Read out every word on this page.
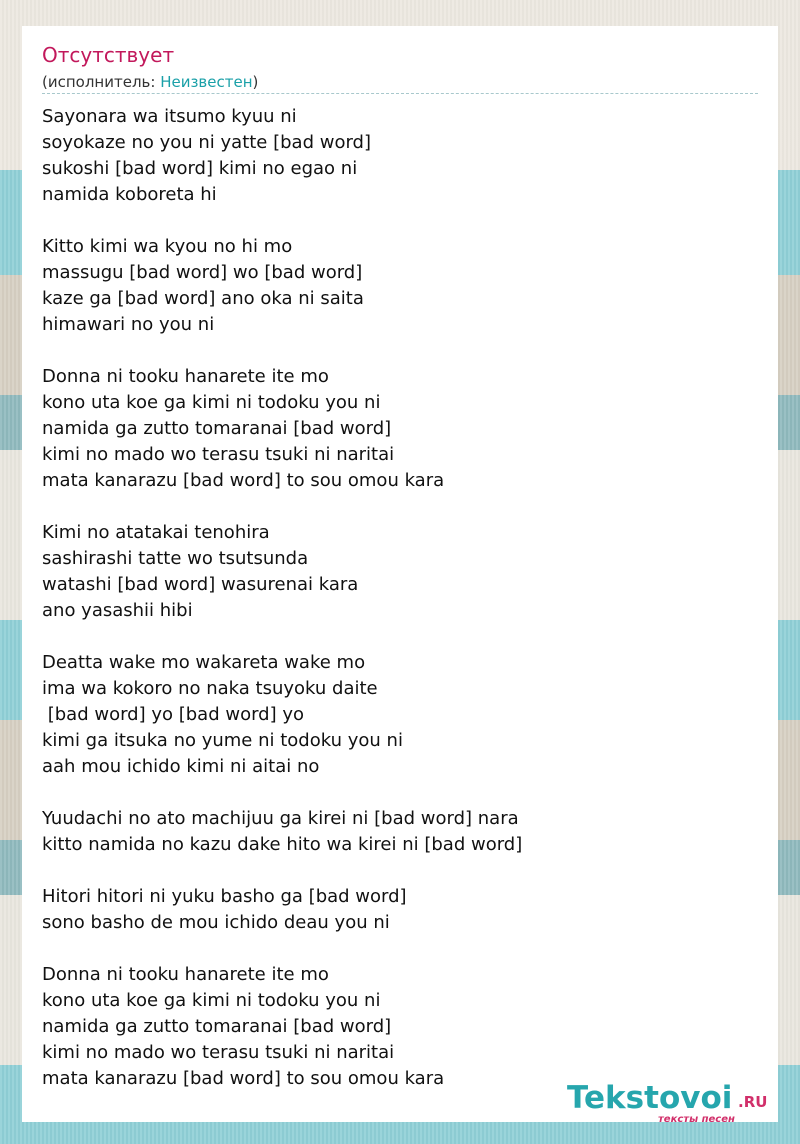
Отсутствует
(исполнитель: Неизвестен)
Sayonara wa itsumo kyuu ni
soyokaze no you ni yatte [bad word]
sukoshi [bad word] kimi no egao ni
namida koboreta hi
Kitto kimi wa kyou no hi mo
massugu [bad word] wo [bad word]
kaze ga [bad word] ano oka ni saita
himawari no you ni
Donna ni tooku hanarete ite mo
kono uta koe ga kimi ni todoku you ni
namida ga zutto tomaranai [bad word]
kimi no mado wo terasu tsuki ni naritai
mata kanarazu [bad word] to sou omou kara
Kimi no atatakai tenohira
sashirashi tatte wo tsutsunda
watashi [bad word] wasurenai kara
ano yasashii hibi
Deatta wake mo wakareta wake mo
ima wa kokoro no naka tsuyoku daite
[bad word] yo [bad word] yo
kimi ga itsuka no yume ni todoku you ni
aah mou ichido kimi ni aitai no
Yuudachi no ato machijuu ga kirei ni [bad word] nara
kitto namida no kazu dake hito wa kirei ni [bad word]
Hitori hitori ni yuku basho ga [bad word]
sono basho de mou ichido deau you ni
Donna ni tooku hanarete ite mo
kono uta koe ga kimi ni todoku you ni
namida ga zutto tomaranai [bad word]
kimi no mado wo terasu tsuki ni naritai
mata kanarazu [bad word] to sou omou kara
Tekstovoi .RU
тексты песен
